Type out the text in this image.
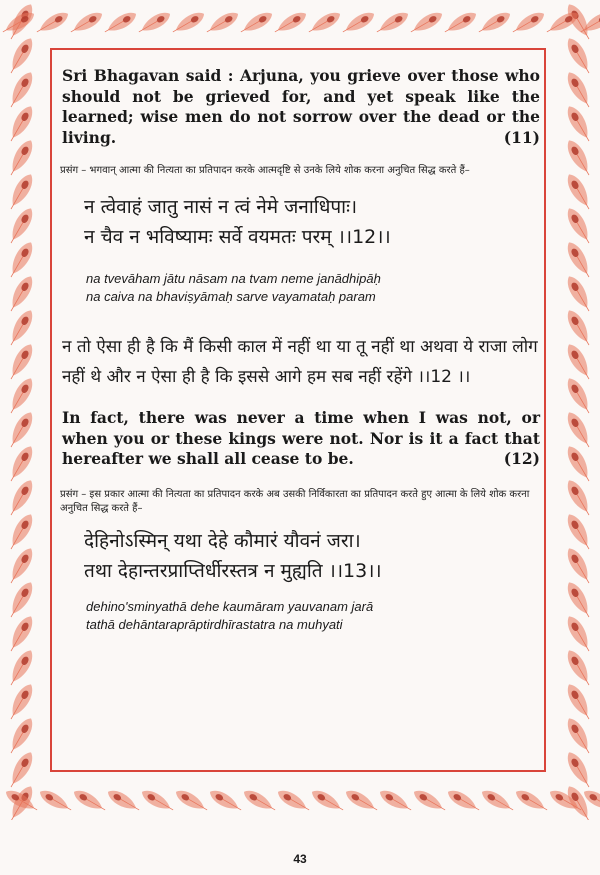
Sri Bhagavan said : Arjuna, you grieve over those who should not be grieved for, and yet speak like the learned; wise men do not sorrow over the dead or the living.	(11)

प्रसंग – भगवान् आत्मा की नित्यता का प्रतिपादन करके आत्मदृष्टि से उनके लिये शोक करना अनुचित सिद्ध करते हैं–

न त्वेवाहं जातु नासं न त्वं नेमे जनाधिपाः।

न चैव न भविष्यामः सर्वे वयमतः परम् ।।12।।

na tvevāham jātu nāsam na tvam neme janādhipāḥ

na caiva na bhaviṣyāmaḥ sarve vayamataḥ param

न तो ऐसा ही है कि मैं किसी काल में नहीं था या तू नहीं था अथवा ये राजा लोग नहीं थे और न ऐसा ही है कि इससे आगे हम सब नहीं रहेंगे ।।12 ।।

In fact, there was never a time when I was not, or when you or these kings were not. Nor is it a fact that hereafter we shall all cease to be.	(12)

प्रसंग – इस प्रकार आत्मा की नित्यता का प्रतिपादन करके अब उसकी निर्विकारता का प्रतिपादन करते हुए आत्मा के लिये शोक करना अनुचित सिद्ध करते हैं–

देहिनोऽस्मिन् यथा देहे कौमारं यौवनं जरा।

तथा देहान्तरप्राप्तिर्धीरस्तत्र न मुह्यति ।।13।।

dehino'sminyathā dehe kaumāram yauvanam jarā

tathā dehāntaraprāptirdhīrastatra na muhyati

43
